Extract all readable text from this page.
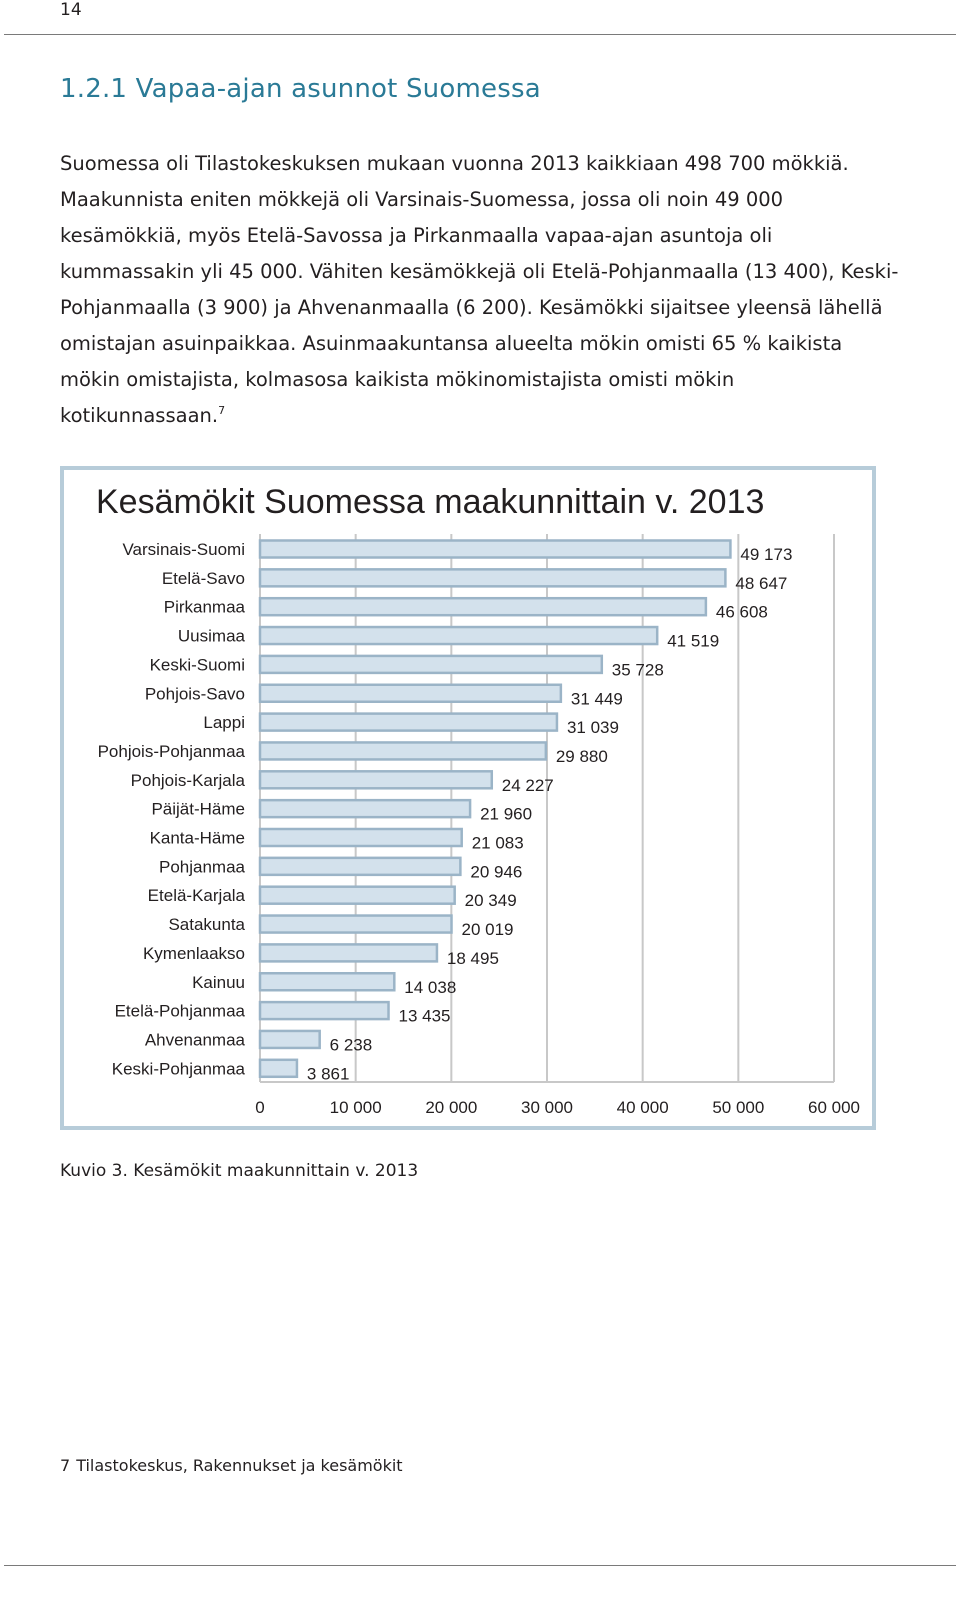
14
1.2.1 Vapaa-ajan asunnot Suomessa

Suomessa oli Tilastokeskuksen mukaan vuonna 2013 kaikkiaan 498 700 mökkiä. Maakunnista eniten mökkejä oli Varsinais-Suomessa, jossa oli noin 49 000 kesämökkiä, myös Etelä-Savossa ja Pirkanmaalla vapaa-ajan asuntoja oli kummassakin yli 45 000. Vähiten kesämökkejä oli Etelä-Pohjanmaalla (13 400), Keski-Pohjanmaalla (3 900) ja Ahvenanmaalla (6 200). Kesämökki sijaitsee yleensä lähellä omistajan asuinpaikkaa. Asuinmaakuntansa alueelta mökin omisti 65 % kaikista mökin omistajista, kolmasosa kaikista mökinomistajista omisti mökin kotikunnassaan.$^7$

Kesämökit Suomessa maakunnittain v. 2013
Varsinais-Suomi
Etelä-Savo
Pirkanmaa
Uusimaa
Keski-Suomi
Pohjois-Savo
Lappi
Pohjois-Pohjanmaa
Pohjois-Karjala
Päijät-Häme
Kanta-Häme
Pohjanmaa
Etelä-Karjala
Satakunta
Kymenlaakso
Kainuu
Etelä-Pohjanmaa
Ahvenanmaa
Keski-Pohjanmaa
49 173
48 647
46 608
41 519
35 728
31 449
31 039
29 880
24 227
21 960
21 083
20 946
20 349
20 019
18 495
14 038
13 435
6 238
3 861
0	10 000	20 000	30 000	40 000	50 000	60 000

Kuvio 3. Kesämökit maakunnittain v. 2013

7 Tilastokeskus, Rakennukset ja kesämökit
